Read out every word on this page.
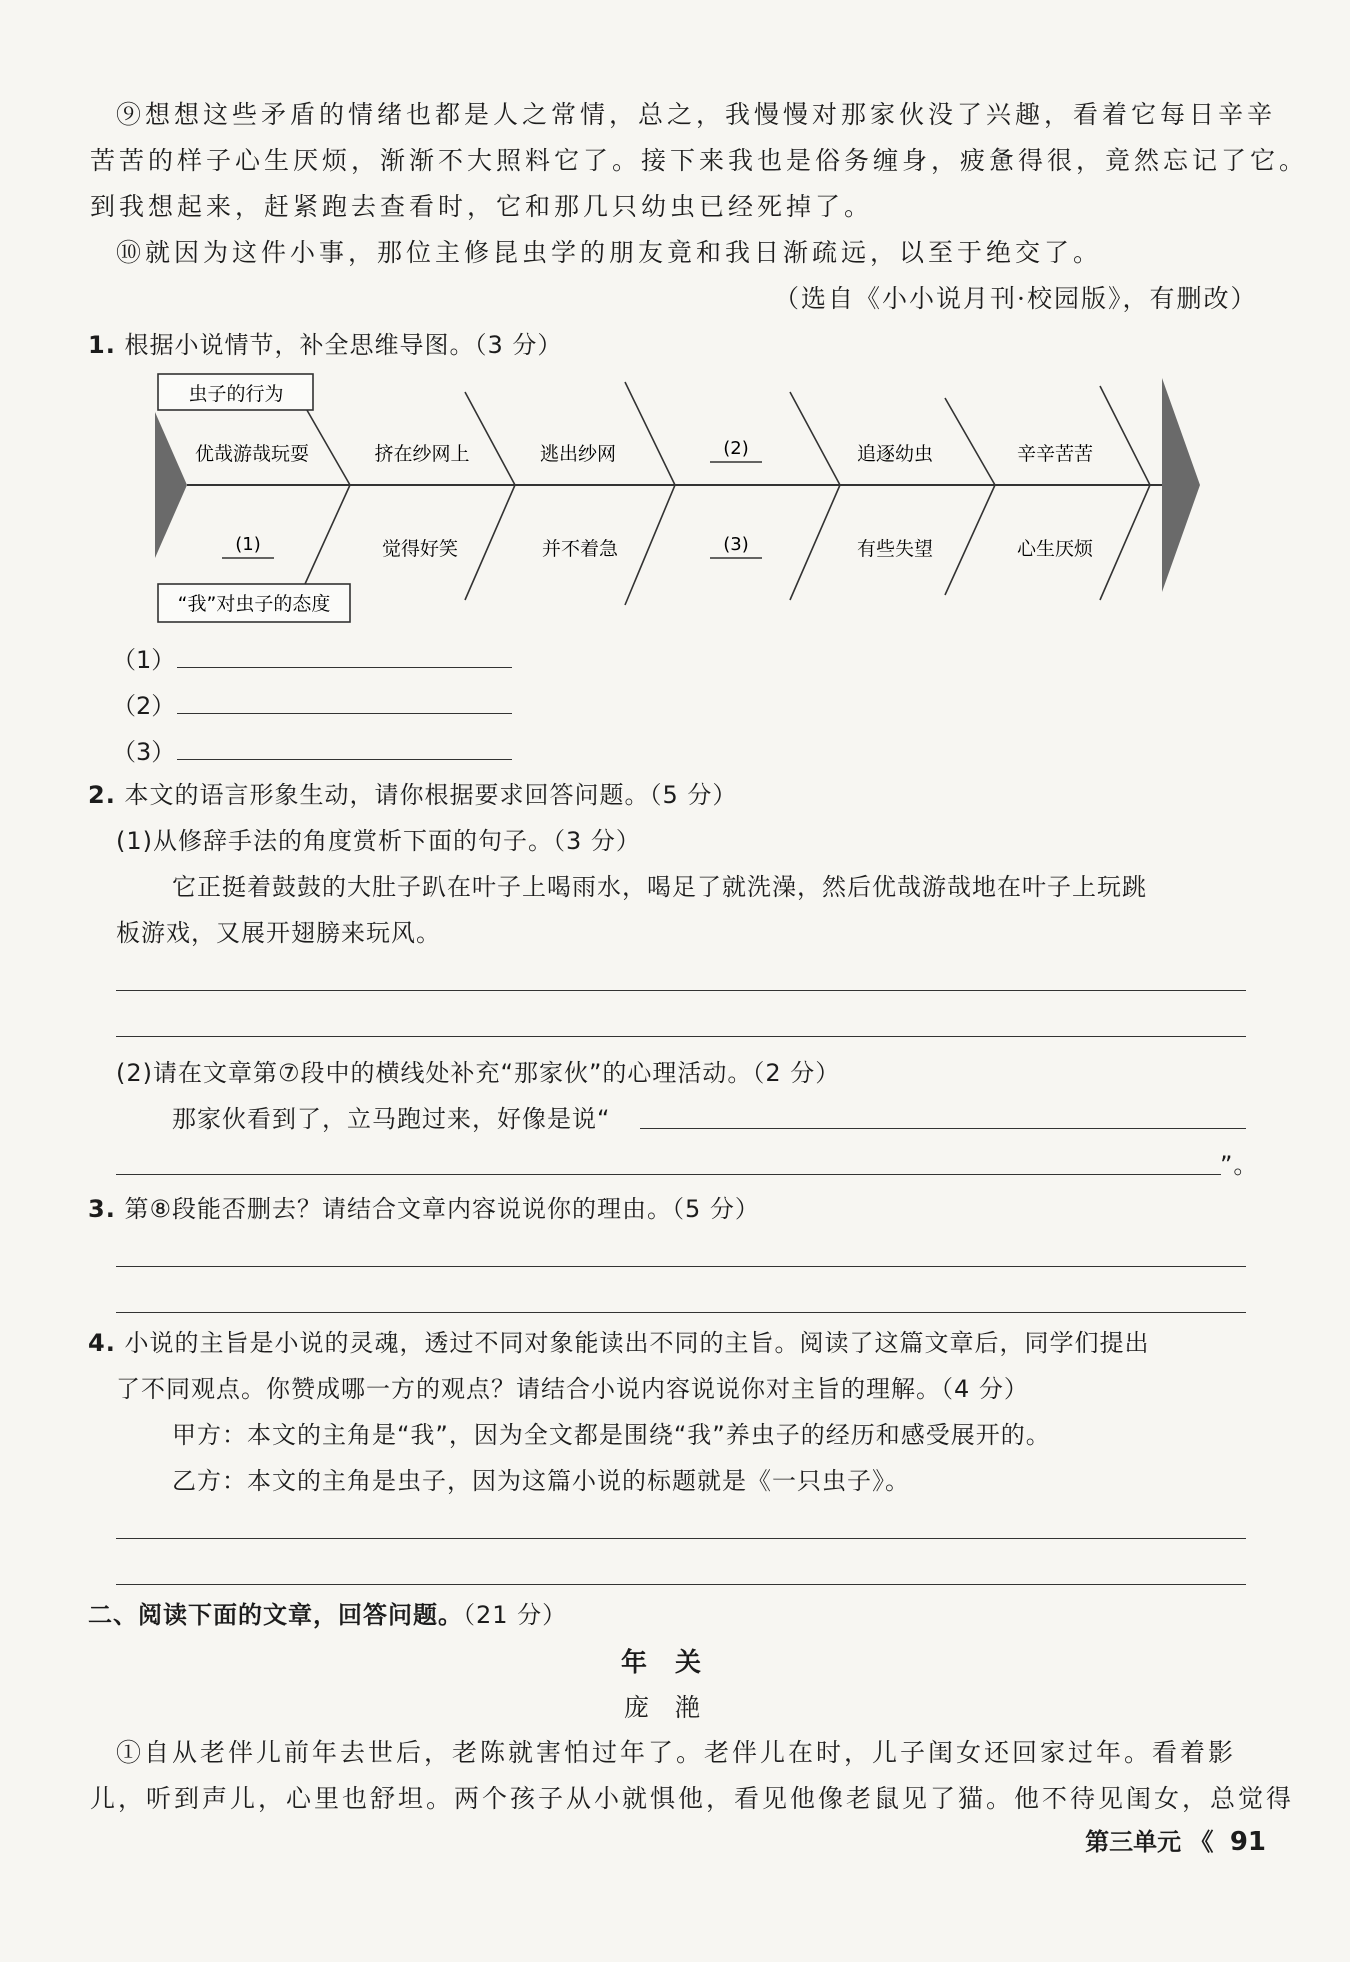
⑨想想这些矛盾的情绪也都是人之常情，总之，我慢慢对那家伙没了兴趣，看着它每日辛辛
苦苦的样子心生厌烦，渐渐不大照料它了。接下来我也是俗务缠身，疲惫得很，竟然忘记了它。
到我想起来，赶紧跑去查看时，它和那几只幼虫已经死掉了。
⑩就因为这件小事，那位主修昆虫学的朋友竟和我日渐疏远，以至于绝交了。
（选自《小小说月刊·校园版》，有删改）
1. 根据小说情节，补全思维导图。（3 分）
虫子的行为
“我”对虫子的态度
优哉游哉玩耍	挤在纱网上	逃出纱网	(2)	追逐幼虫	辛辛苦苦
(1)	觉得好笑	并不着急	(3)	有些失望	心生厌烦
（1）
（2）
（3）
2. 本文的语言形象生动，请你根据要求回答问题。（5 分）
(1)从修辞手法的角度赏析下面的句子。（3 分）
它正挺着鼓鼓的大肚子趴在叶子上喝雨水，喝足了就洗澡，然后优哉游哉地在叶子上玩跳
板游戏，又展开翅膀来玩风。
(2)请在文章第⑦段中的横线处补充“那家伙”的心理活动。（2 分）
那家伙看到了，立马跑过来，好像是说“
”。
3. 第⑧段能否删去？请结合文章内容说说你的理由。（5 分）
4. 小说的主旨是小说的灵魂，透过不同对象能读出不同的主旨。阅读了这篇文章后，同学们提出
了不同观点。你赞成哪一方的观点？请结合小说内容说说你对主旨的理解。（4 分）
甲方：本文的主角是“我”，因为全文都是围绕“我”养虫子的经历和感受展开的。
乙方：本文的主角是虫子，因为这篇小说的标题就是《一只虫子》。
二、阅读下面的文章，回答问题。（21 分）
年关
庞滟
①自从老伴儿前年去世后，老陈就害怕过年了。老伴儿在时，儿子闺女还回家过年。看着影
儿，听到声儿，心里也舒坦。两个孩子从小就惧他，看见他像老鼠见了猫。他不待见闺女，总觉得
第三单元 《 91
